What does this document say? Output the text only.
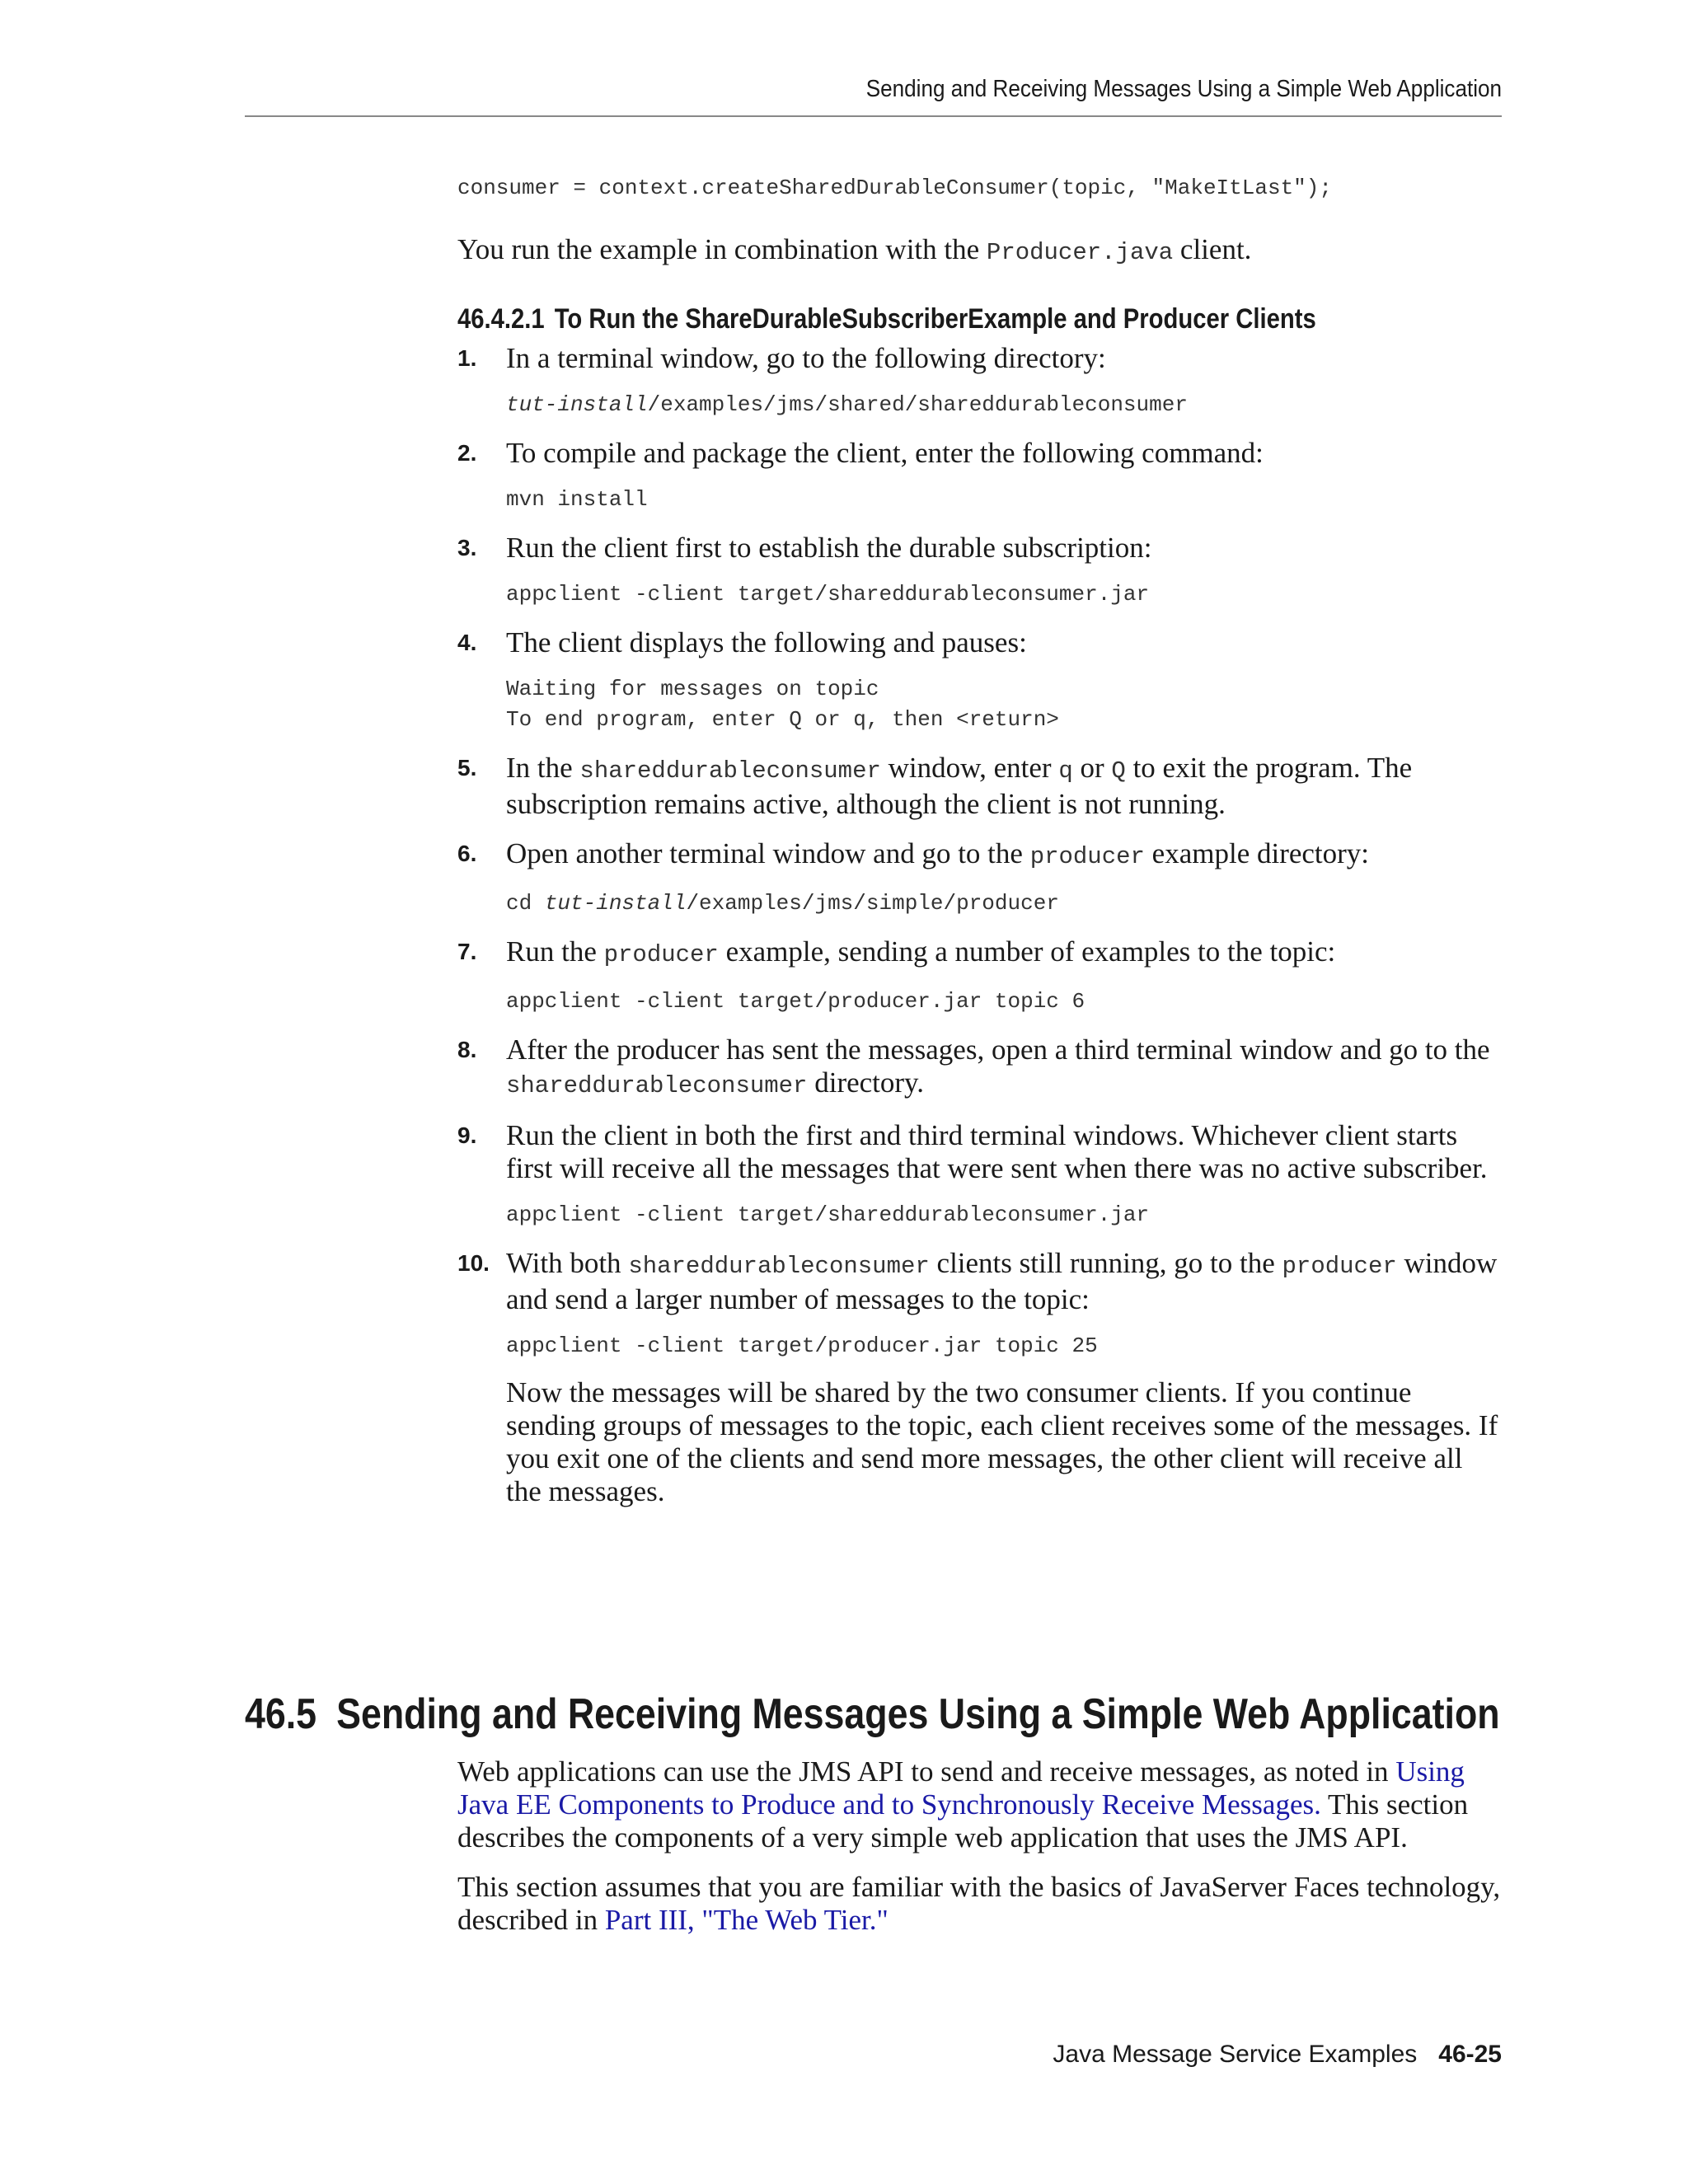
Sending and Receiving Messages Using a Simple Web Application
consumer = context.createSharedDurableConsumer(topic, "MakeItLast");
You run the example in combination with the Producer.java client.
46.4.2.1 To Run the ShareDurableSubscriberExample and Producer Clients
1.	In a terminal window, go to the following directory:
tut-install/examples/jms/shared/shareddurableconsumer
2.	To compile and package the client, enter the following command:
mvn install
3.	Run the client first to establish the durable subscription:
appclient -client target/shareddurableconsumer.jar
4.	The client displays the following and pauses:
Waiting for messages on topic
To end program, enter Q or q, then <return>
5.	In the shareddurableconsumer window, enter q or Q to exit the program. The subscription remains active, although the client is not running.
6.	Open another terminal window and go to the producer example directory:
cd tut-install/examples/jms/simple/producer
7.	Run the producer example, sending a number of examples to the topic:
appclient -client target/producer.jar topic 6
8.	After the producer has sent the messages, open a third terminal window and go to the shareddurableconsumer directory.
9.	Run the client in both the first and third terminal windows. Whichever client starts first will receive all the messages that were sent when there was no active subscriber.
appclient -client target/shareddurableconsumer.jar
10. With both shareddurableconsumer clients still running, go to the producer window and send a larger number of messages to the topic:
appclient -client target/producer.jar topic 25
Now the messages will be shared by the two consumer clients. If you continue sending groups of messages to the topic, each client receives some of the messages. If you exit one of the clients and send more messages, the other client will receive all the messages.
46.5 Sending and Receiving Messages Using a Simple Web Application

Web applications can use the JMS API to send and receive messages, as noted in Using Java EE Components to Produce and to Synchronously Receive Messages. This section describes the components of a very simple web application that uses the JMS API.

This section assumes that you are familiar with the basics of JavaServer Faces technology, described in Part III, "The Web Tier."

Java Message Service Examples 46-25
